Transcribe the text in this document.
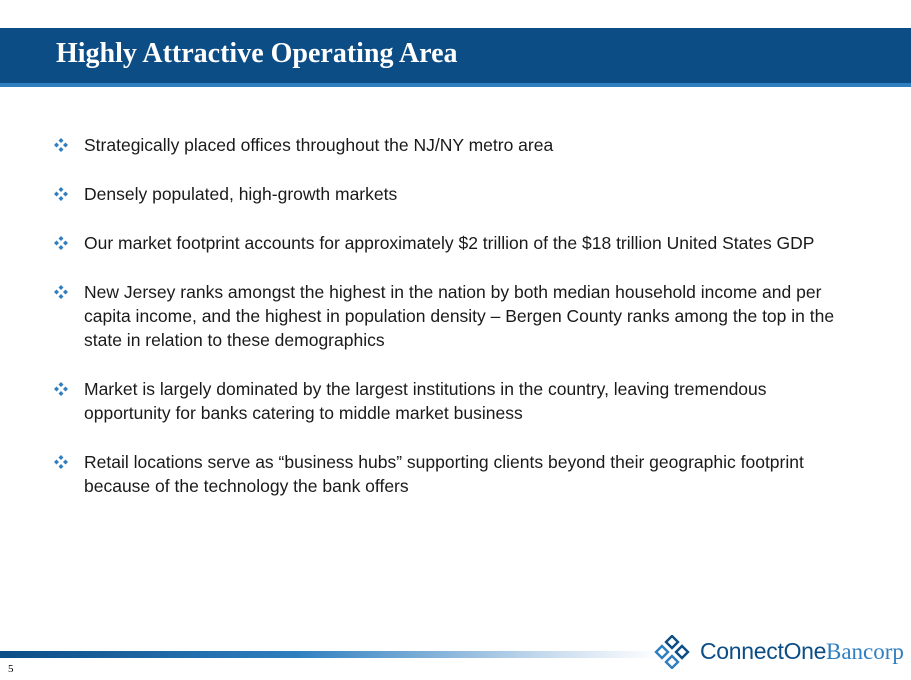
Highly Attractive Operating Area
Strategically placed offices throughout the NJ/NY metro area
Densely populated, high-growth markets
Our market footprint accounts for approximately $2 trillion of the $18 trillion United States GDP
New Jersey ranks amongst the highest in the nation by both median household income and per capita income, and the highest in population density – Bergen County ranks among the top in the state in relation to these demographics
Market is largely dominated by the largest institutions in the country, leaving tremendous opportunity for banks catering to middle market business
Retail locations serve as “business hubs” supporting clients beyond their geographic footprint because of the technology the bank offers
5
ConnectOne Bancorp
